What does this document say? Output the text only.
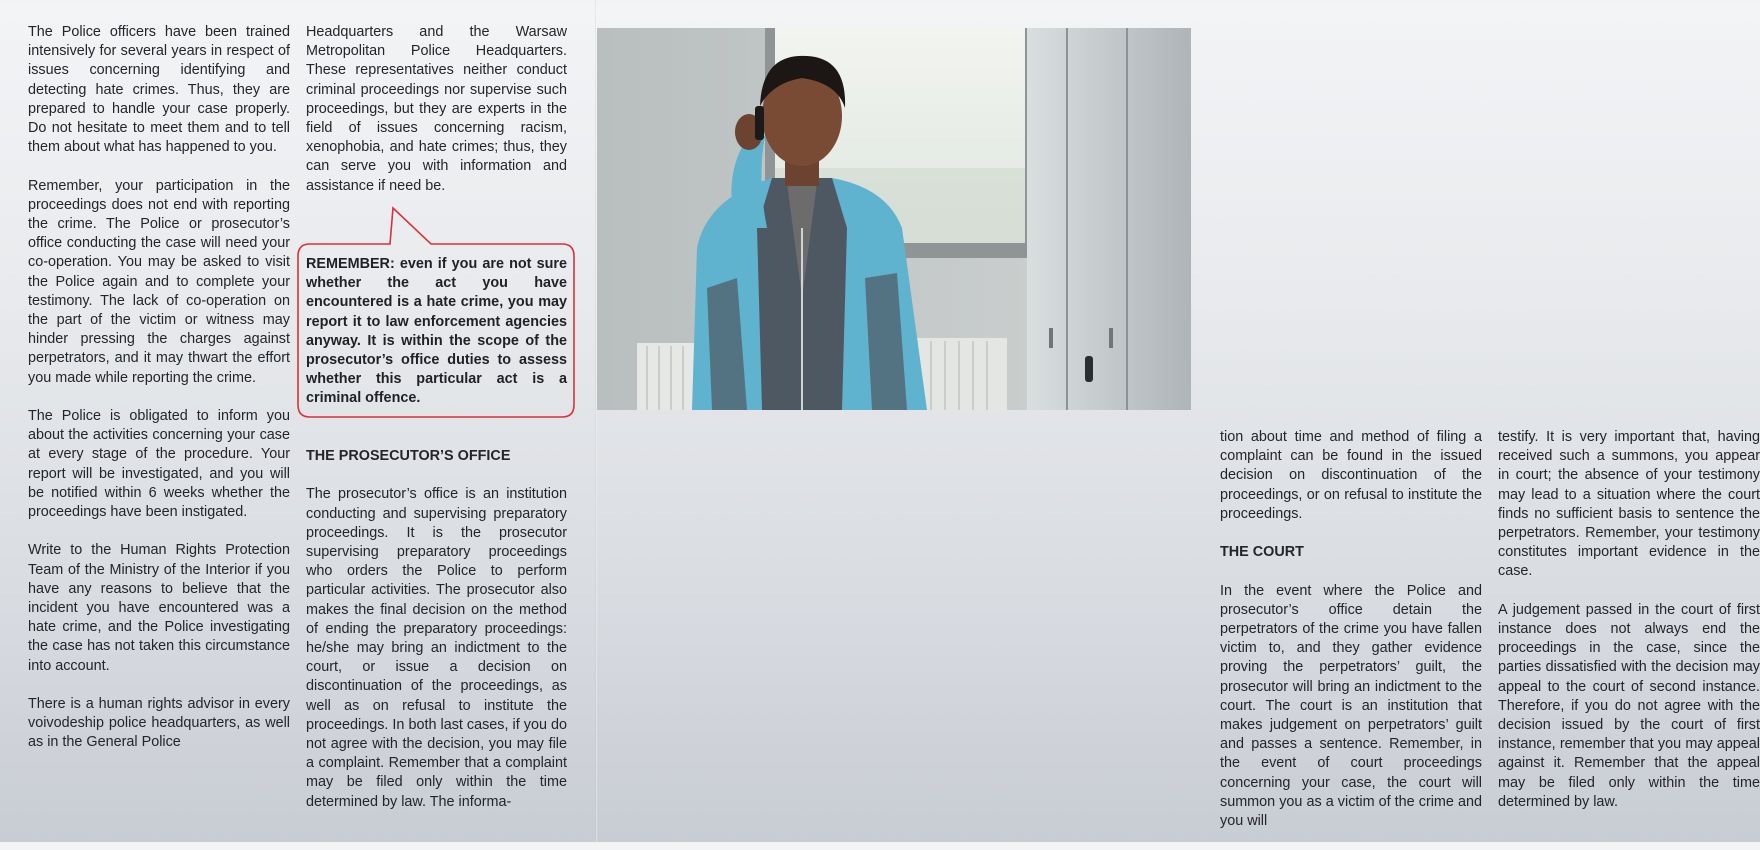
The Police officers have been trained intensively for several years in respect of issues concerning identifying and detecting hate crimes. Thus, they are prepared to handle your case properly. Do not hesitate to meet them and to tell them about what has happened to you.

Remember, your participation in the proceedings does not end with reporting the crime. The Police or prosecutor’s office conducting the case will need your co-operation. You may be asked to visit the Police again and to complete your testimony. The lack of co-operation on the part of the victim or witness may hinder pressing the charges against perpetrators, and it may thwart the effort you made while reporting the crime.

The Police is obligated to inform you about the activities concerning your case at every stage of the procedure. Your report will be investigated, and you will be notified within 6 weeks whether the proceedings have been instigated.

Write to the Human Rights Protection Team of the Ministry of the Interior if you have any reasons to believe that the incident you have encountered was a hate crime, and the Police investigating the case has not taken this circumstance into account.

There is a human rights advisor in every voivodeship police headquarters, as well as in the General Police

Headquarters and the Warsaw Metropolitan Police Headquarters. These representatives neither conduct criminal proceedings nor supervise such proceedings, but they are experts in the field of issues concerning racism, xenophobia, and hate crimes; thus, they can serve you with information and assistance if need be.

REMEMBER: even if you are not sure whether the act you have encountered is a hate crime, you may report it to law enforcement agencies anyway. It is within the scope of the prosecutor’s office duties to assess whether this particular act is a criminal offence.
THE PROSECUTOR’S OFFICE

The prosecutor’s office is an institution conducting and supervising preparatory proceedings. It is the prosecutor supervising preparatory proceedings who orders the Police to perform particular activities. The prosecutor also makes the final decision on the method of ending the preparatory proceedings: he/she may bring an indictment to the court, or issue a decision on discontinuation of the proceedings, as well as on refusal to institute the proceedings. In both last cases, if you do not agree with the decision, you may file a complaint. Remember that a complaint may be filed only within the time determined by law. The informa-

tion about time and method of filing a complaint can be found in the issued decision on discontinuation of the proceedings, or on refusal to institute the proceedings.

THE COURT

In the event where the Police and prosecutor’s office detain the perpetrators of the crime you have fallen victim to, and they gather evidence proving the perpetrators’ guilt, the prosecutor will bring an indictment to the court. The court is an institution that makes judgement on perpetrators’ guilt and passes a sentence. Remember, in the event of court proceedings concerning your case, the court will summon you as a victim of the crime and you will

testify. It is very important that, having received such a summons, you appear in court; the absence of your testimony may lead to a situation where the court finds no sufficient basis to sentence the perpetrators. Remember, your testimony constitutes important evidence in the case.

A judgement passed in the court of first instance does not always end the proceedings in the case, since the parties dissatisfied with the decision may appeal to the court of second instance. Therefore, if you do not agree with the decision issued by the court of first instance, remember that you may appeal against it. Remember that the appeal may be filed only within the time determined by law.
